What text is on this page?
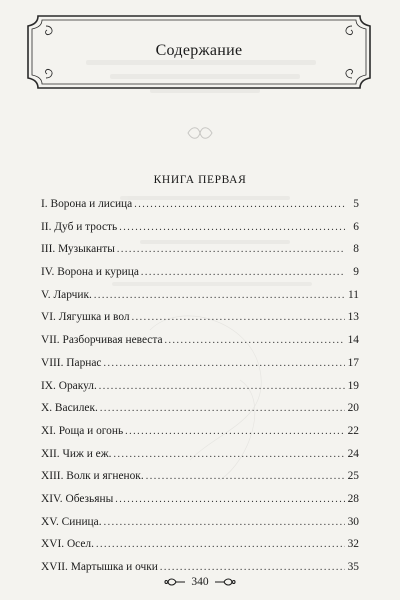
Содержание
КНИГА ПЕРВАЯ
I. Ворона и лисица . . .	5
II. Дуб и трость . . .	6
III. Музыканты . . .	8
IV. Ворона и курица . . .	9
V. Ларчик. . . .	11
VI. Лягушка и вол . . .	13
VII. Разборчивая невеста . . .	14
VIII. Парнас . . .	17
IX. Оракул. . . .	19
X. Василек. . . .	20
XI. Роща и огонь . . .	22
XII. Чиж и еж. . . .	24
XIII. Волк и ягненок. . . .	25
XIV. Обезьяны . . .	28
XV. Синица. . . .	30
XVI. Осел. . . .	32
XVII. Мартышка и очки . . .	35
340
